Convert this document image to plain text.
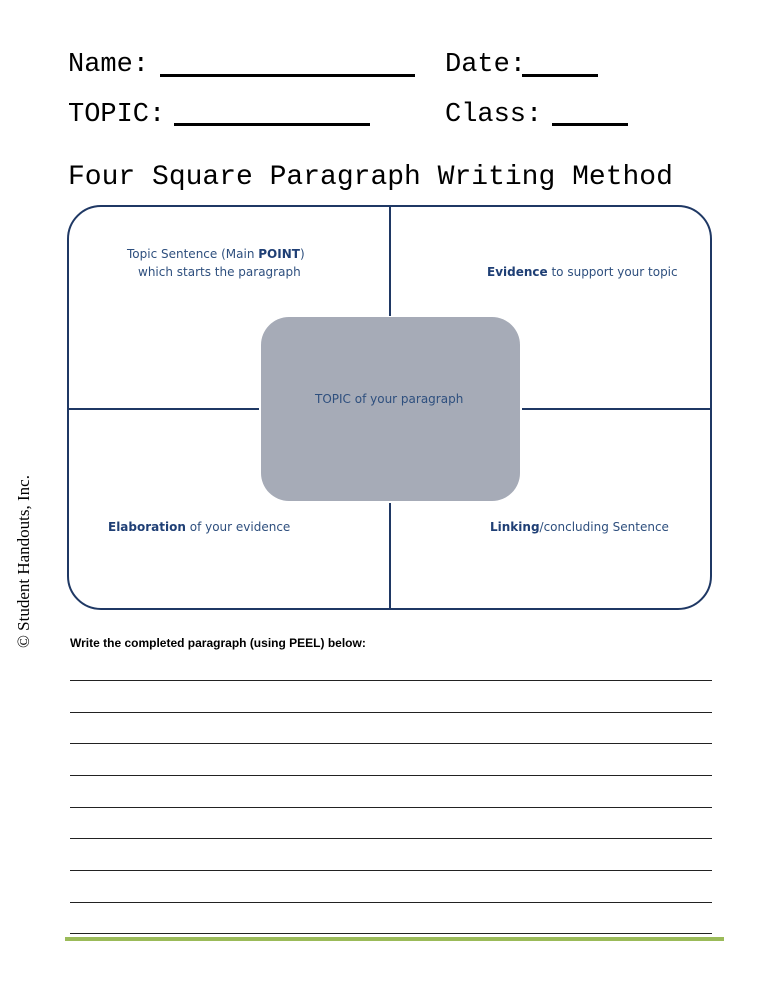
Name:	Date:
TOPIC:	Class:
Four Square Paragraph Writing Method
Topic Sentence (Main POINT)
which starts the paragraph	Evidence to support your topic
TOPIC of your paragraph
Elaboration of your evidence	Linking/concluding Sentence
© Student Handouts, Inc.	Write the completed paragraph (using PEEL) below:
